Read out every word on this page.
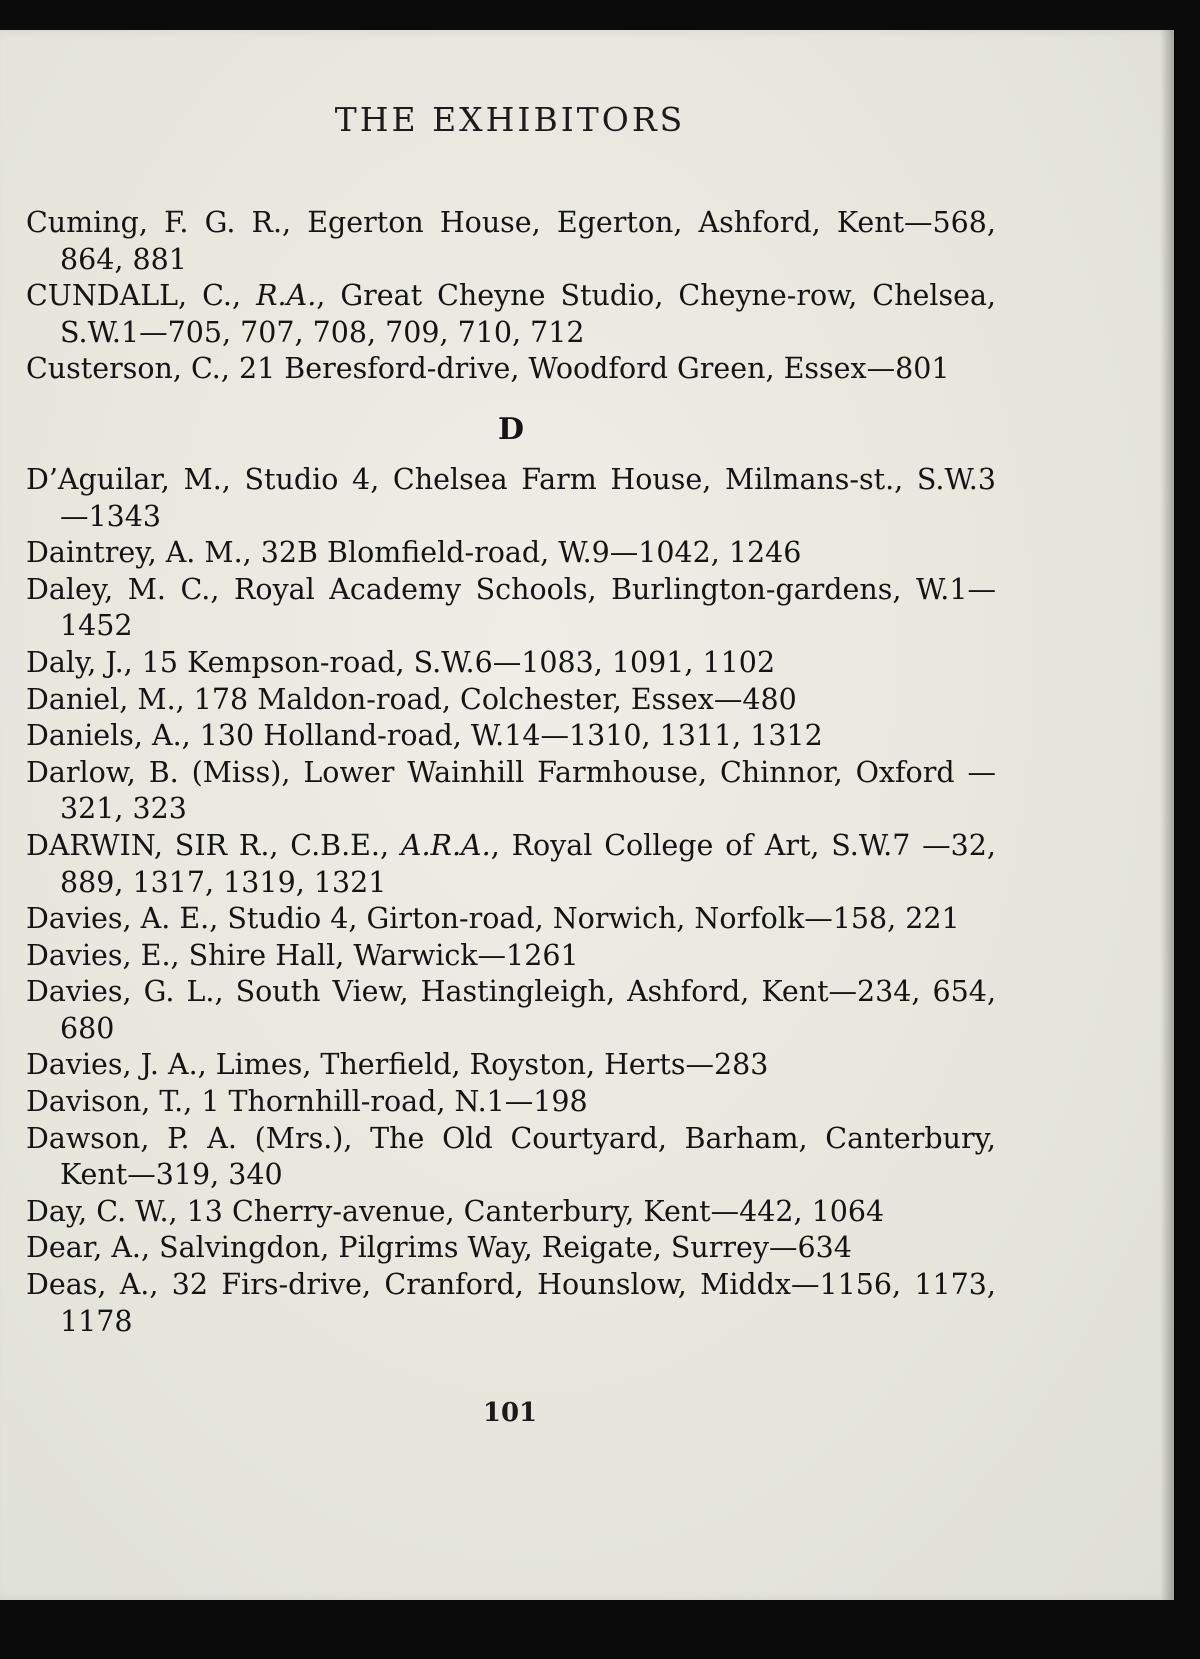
THE EXHIBITORS

Cuming, F. G. R., Egerton House, Egerton, Ashford, Kent—568, 864, 881

CUNDALL, C., R.A., Great Cheyne Studio, Cheyne-row, Chelsea, S.W.1—705, 707, 708, 709, 710, 712

Custerson, C., 21 Beresford-drive, Woodford Green, Essex—801

D

D’Aguilar, M., Studio 4, Chelsea Farm House, Milmans-st., S.W.3 —1343

Daintrey, A. M., 32B Blomfield-road, W.9—1042, 1246

Daley, M. C., Royal Academy Schools, Burlington-gardens, W.1— 1452

Daly, J., 15 Kempson-road, S.W.6—1083, 1091, 1102

Daniel, M., 178 Maldon-road, Colchester, Essex—480

Daniels, A., 130 Holland-road, W.14—1310, 1311, 1312

Darlow, B. (Miss), Lower Wainhill Farmhouse, Chinnor, Oxford —321, 323

DARWIN, SIR R., C.B.E., A.R.A., Royal College of Art, S.W.7 —32, 889, 1317, 1319, 1321

Davies, A. E., Studio 4, Girton-road, Norwich, Norfolk—158, 221

Davies, E., Shire Hall, Warwick—1261

Davies, G. L., South View, Hastingleigh, Ashford, Kent—234, 654, 680

Davies, J. A., Limes, Therfield, Royston, Herts—283

Davison, T., 1 Thornhill-road, N.1—198

Dawson, P. A. (Mrs.), The Old Courtyard, Barham, Canterbury, Kent—319, 340

Day, C. W., 13 Cherry-avenue, Canterbury, Kent—442, 1064

Dear, A., Salvingdon, Pilgrims Way, Reigate, Surrey—634

Deas, A., 32 Firs-drive, Cranford, Hounslow, Middx—1156, 1173, 1178

101
